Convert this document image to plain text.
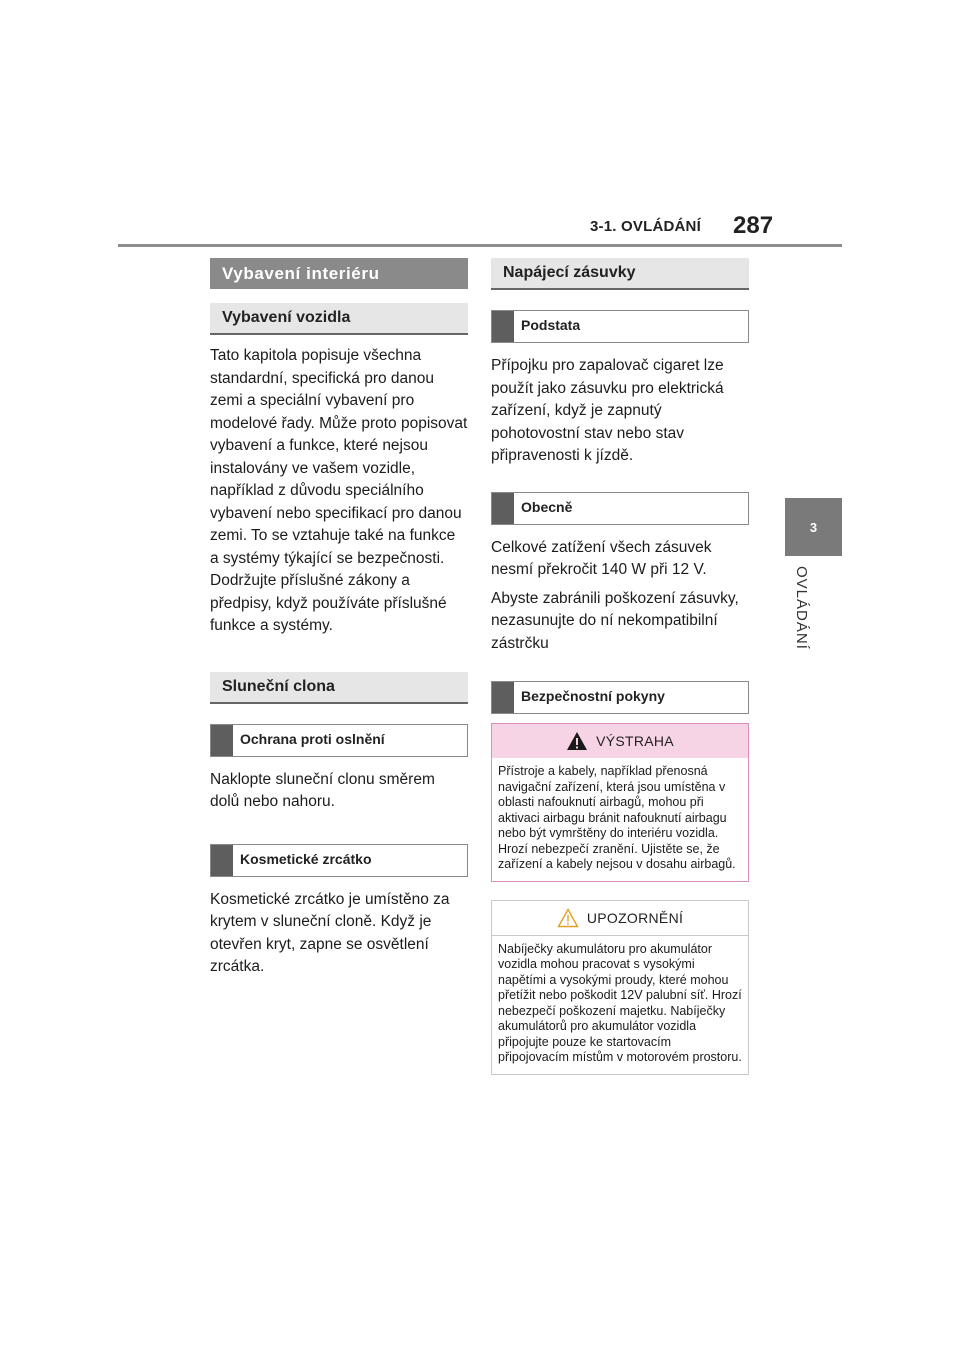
3-1. OVLÁDÁNÍ 287
3
OVLÁDÁNÍ
Vybavení interiéru
Vybavení vozidla

Tato kapitola popisuje všechna standardní, specifická pro danou zemi a speciální vybavení pro modelové řady. Může proto popisovat vybavení a funkce, které nejsou instalovány ve vašem vozidle, například z důvodu speciálního vybavení nebo specifikací pro danou zemi. To se vztahuje také na funkce a systémy týkající se bezpečnosti. Dodržujte příslušné zákony a předpisy, když používáte příslušné funkce a systémy.

Sluneční clona
Ochrana proti oslnění

Naklopte sluneční clonu směrem dolů nebo nahoru.

Kosmetické zrcátko

Kosmetické zrcátko je umístěno za krytem v sluneční cloně. Když je otevřen kryt, zapne se osvětlení zrcátka.

Napájecí zásuvky
Podstata

Přípojku pro zapalovač cigaret lze použít jako zásuvku pro elektrická zařízení, když je zapnutý pohotovostní stav nebo stav připravenosti k jízdě.

Obecně

Celkové zatížení všech zásuvek nesmí překročit 140 W při 12 V.

Abyste zabránili poškození zásuvky, nezasunujte do ní nekompatibilní zástrčku

Bezpečnostní pokyny
VÝSTRAHA
Přístroje a kabely, například přenosná navigační zařízení, která jsou umístěna v oblasti nafouknutí airbagů, mohou při aktivaci airbagu bránit nafouknutí airbagu nebo být vymrštěny do interiéru vozidla. Hrozí nebezpečí zranění. Ujistěte se, že zařízení a kabely nejsou v dosahu airbagů.
UPOZORNĚNÍ
Nabíječky akumulátoru pro akumulátor vozidla mohou pracovat s vysokými napětími a vysokými proudy, které mohou přetížit nebo poškodit 12V palubní síť. Hrozí nebezpečí poškození majetku. Nabíječky akumulátorů pro akumulátor vozidla připojujte pouze ke startovacím připojovacím místům v motorovém prostoru.
